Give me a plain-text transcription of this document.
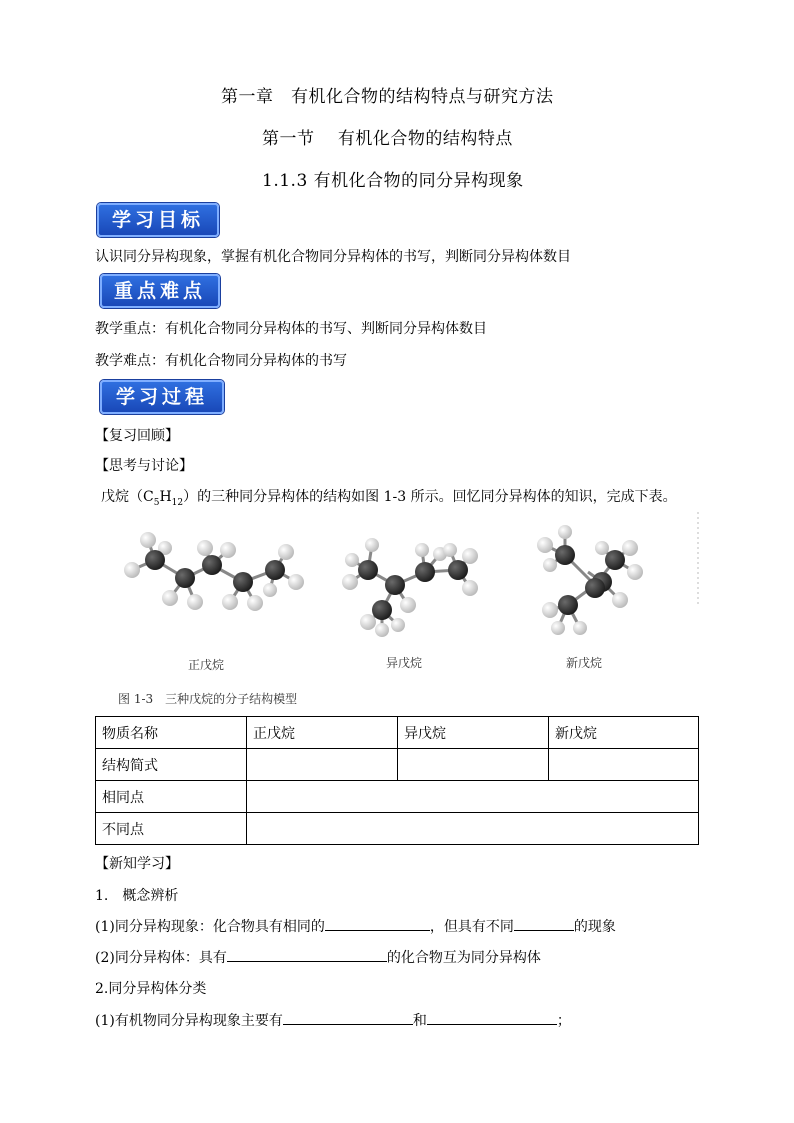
第一章　有机化合物的结构特点与研究方法
第一节　 有机化合物的结构特点
1.1.3 有机化合物的同分异构现象
学习目标
认识同分异构现象，掌握有机化合物同分异构体的书写，判断同分异构体数目
重点难点
教学重点：有机化合物同分异构体的书写、判断同分异构体数目
教学难点：有机化合物同分异构体的书写
学习过程
【复习回顾】
【思考与讨论】
戊烷$(C_5H_{12})$的三种同分异构体的结构如图 1-3 所示。回忆同分异构体的知识，完成下表。
正戊烷	异戊烷	新戊烷
图 1-3　三种戊烷的分子结构模型
物质名称	正戊烷	异戊烷	新戊烷
结构简式			
相同点			
不同点			
【新知学习】
1.　概念辨析
(1)同分异构现象：化合物具有相同的	，但具有不同	的现象
(2)同分异构体：具有	的化合物互为同分异构体
2.同分异构体分类
(1)有机物同分异构现象主要有	和	；
